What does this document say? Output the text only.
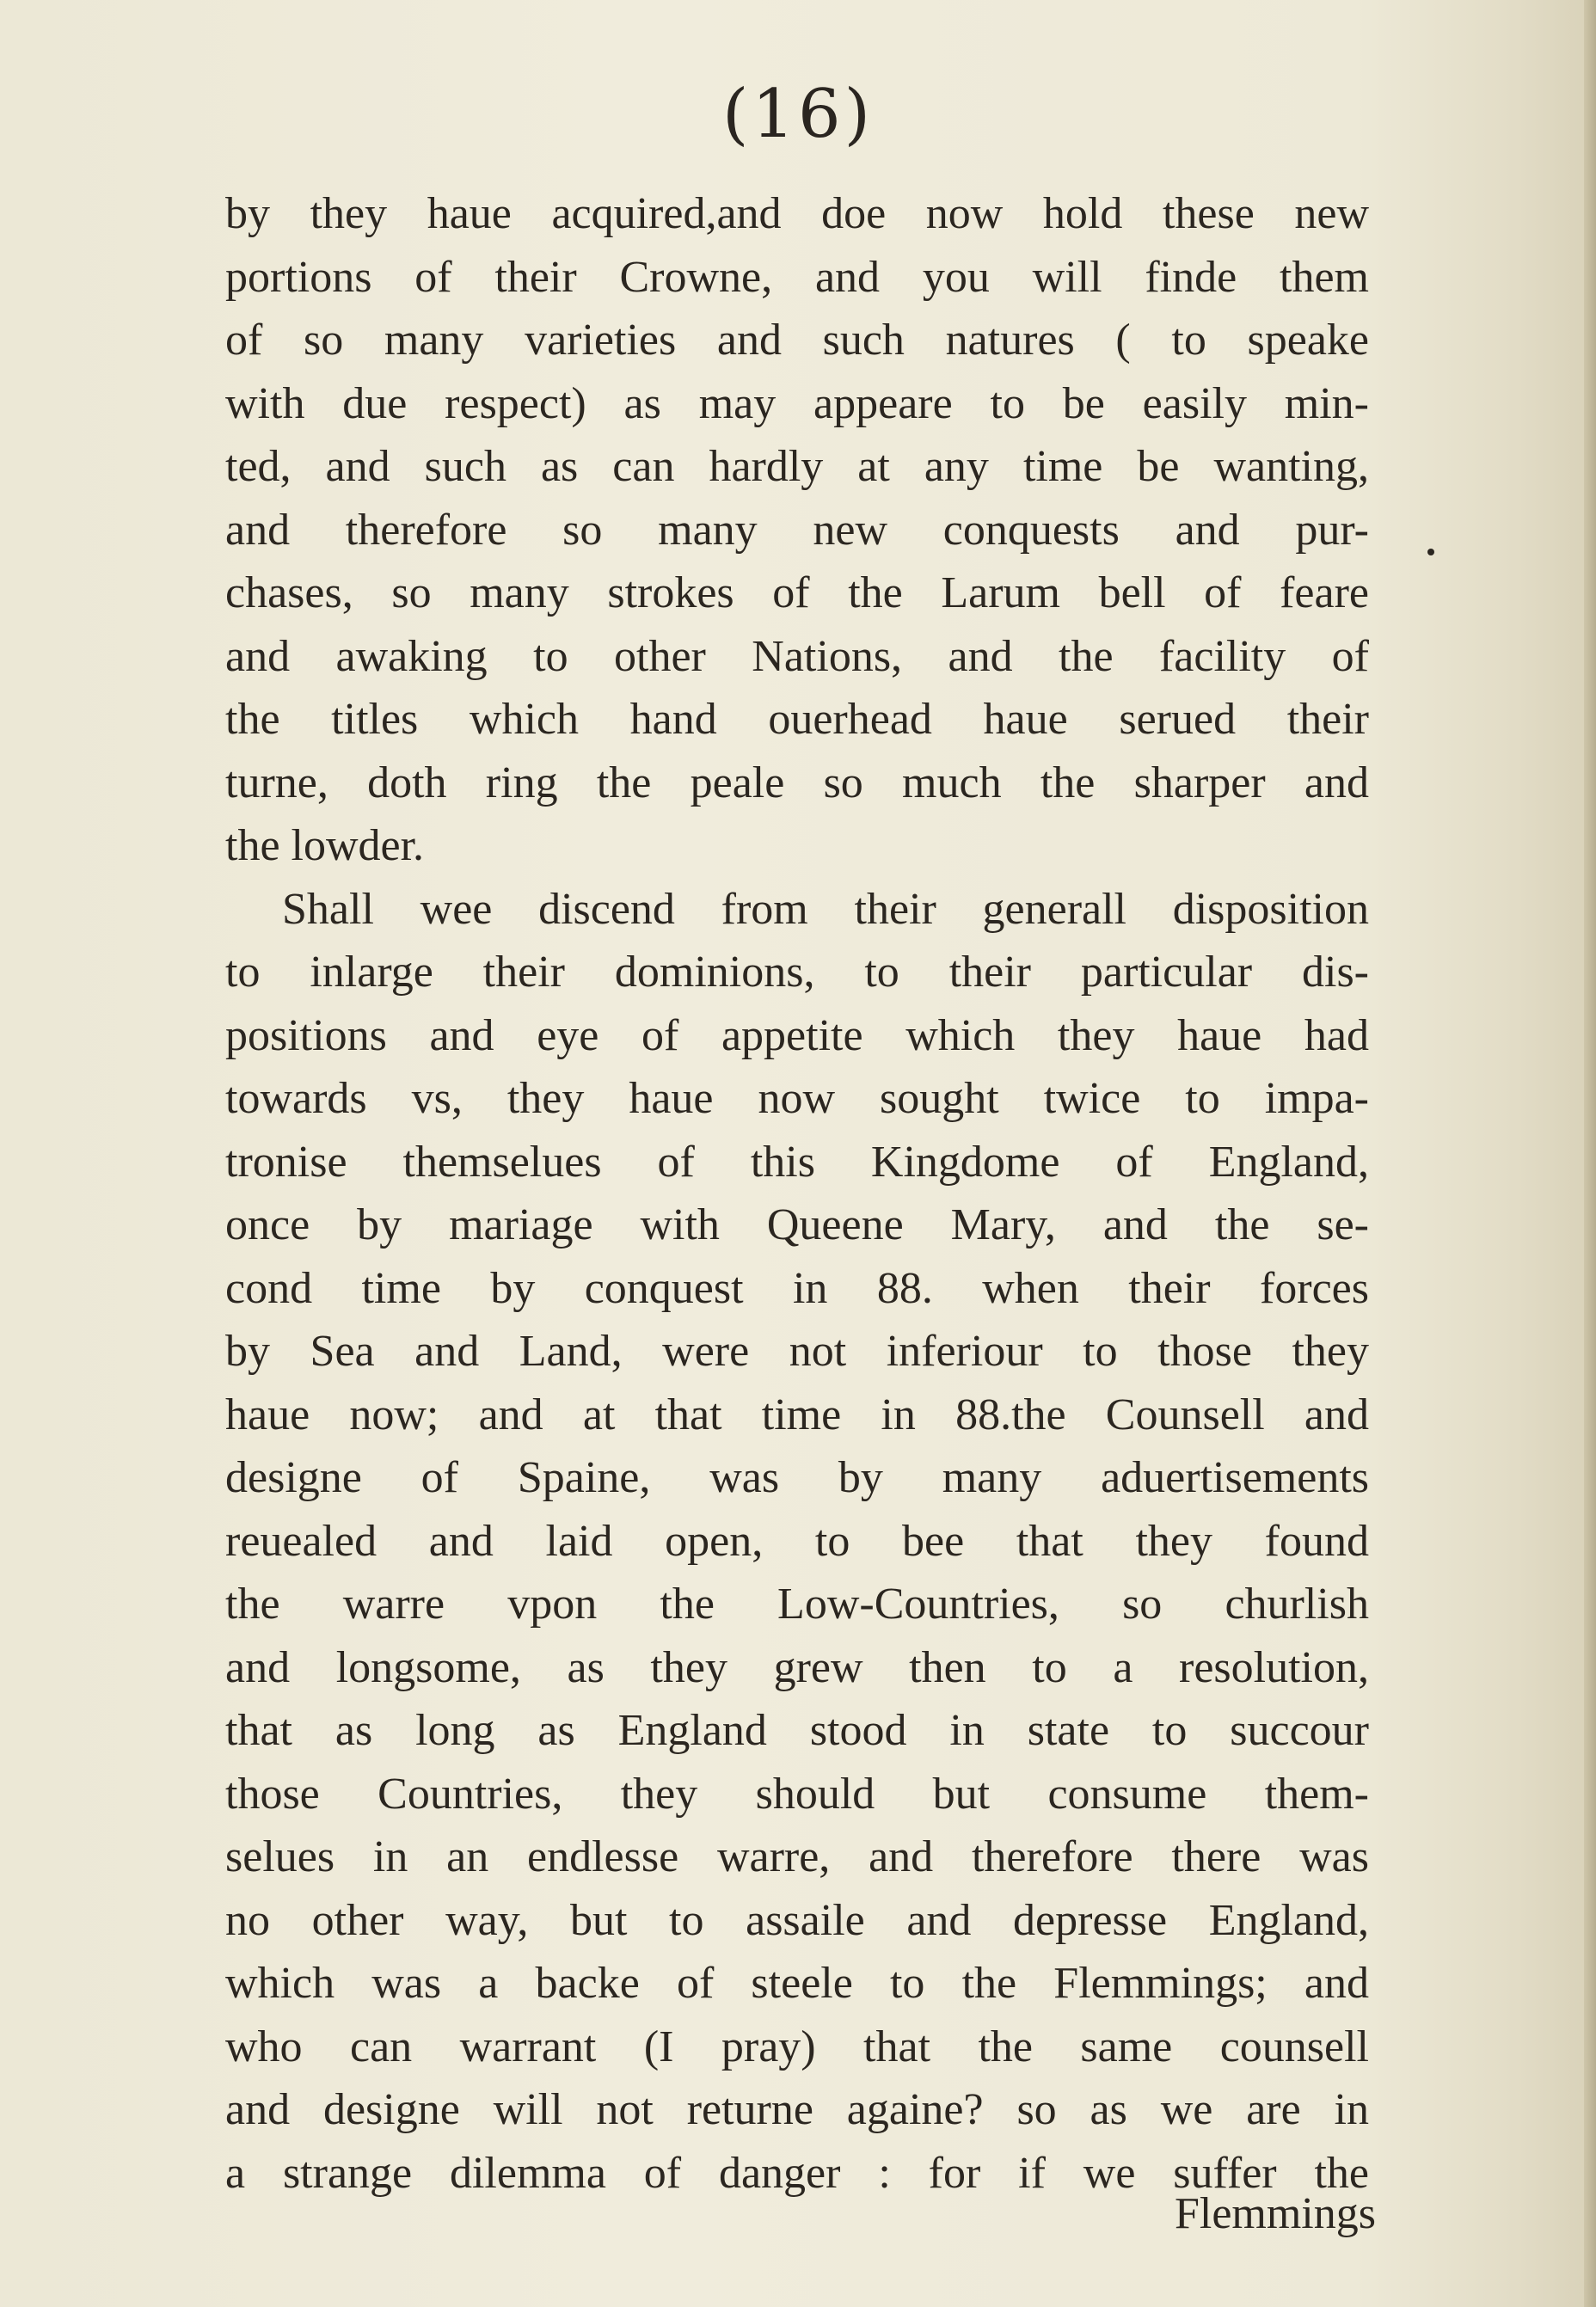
(16)
by they haue acquired,and doe now hold these new
portions of their Crowne, and you will finde them
of so many varieties and such natures ( to speake
with due respect) as may appeare to be easily min-
ted, and such as can hardly at any time be wanting,
and therefore so many new conquests and pur-
chases, so many strokes of the Larum bell of feare
and awaking to other Nations, and the facility of
the titles which hand ouerhead haue serued their
turne, doth ring the peale so much the sharper and
the lowder.
Shall wee discend from their generall disposition
to inlarge their dominions, to their particular dis-
positions and eye of appetite which they haue had
towards vs, they haue now sought twice to impa-
tronise themselues of this Kingdome of England,
once by mariage with Queene Mary, and the se-
cond time by conquest in 88. when their forces
by Sea and Land, were not inferiour to those they
haue now; and at that time in 88.the Counsell and
designe of Spaine, was by many aduertisements
reuealed and laid open, to bee that they found
the warre vpon the Low-Countries, so churlish
and longsome, as they grew then to a resolution,
that as long as England stood in state to succour
those Countries, they should but consume them-
selues in an endlesse warre, and therefore there was
no other way, but to assaile and depresse England,
which was a backe of steele to the Flemmings; and
who can warrant (I pray) that the same counsell
and designe will not returne againe? so as we are in
a strange dilemma of danger : for if we suffer the
Flemmings
